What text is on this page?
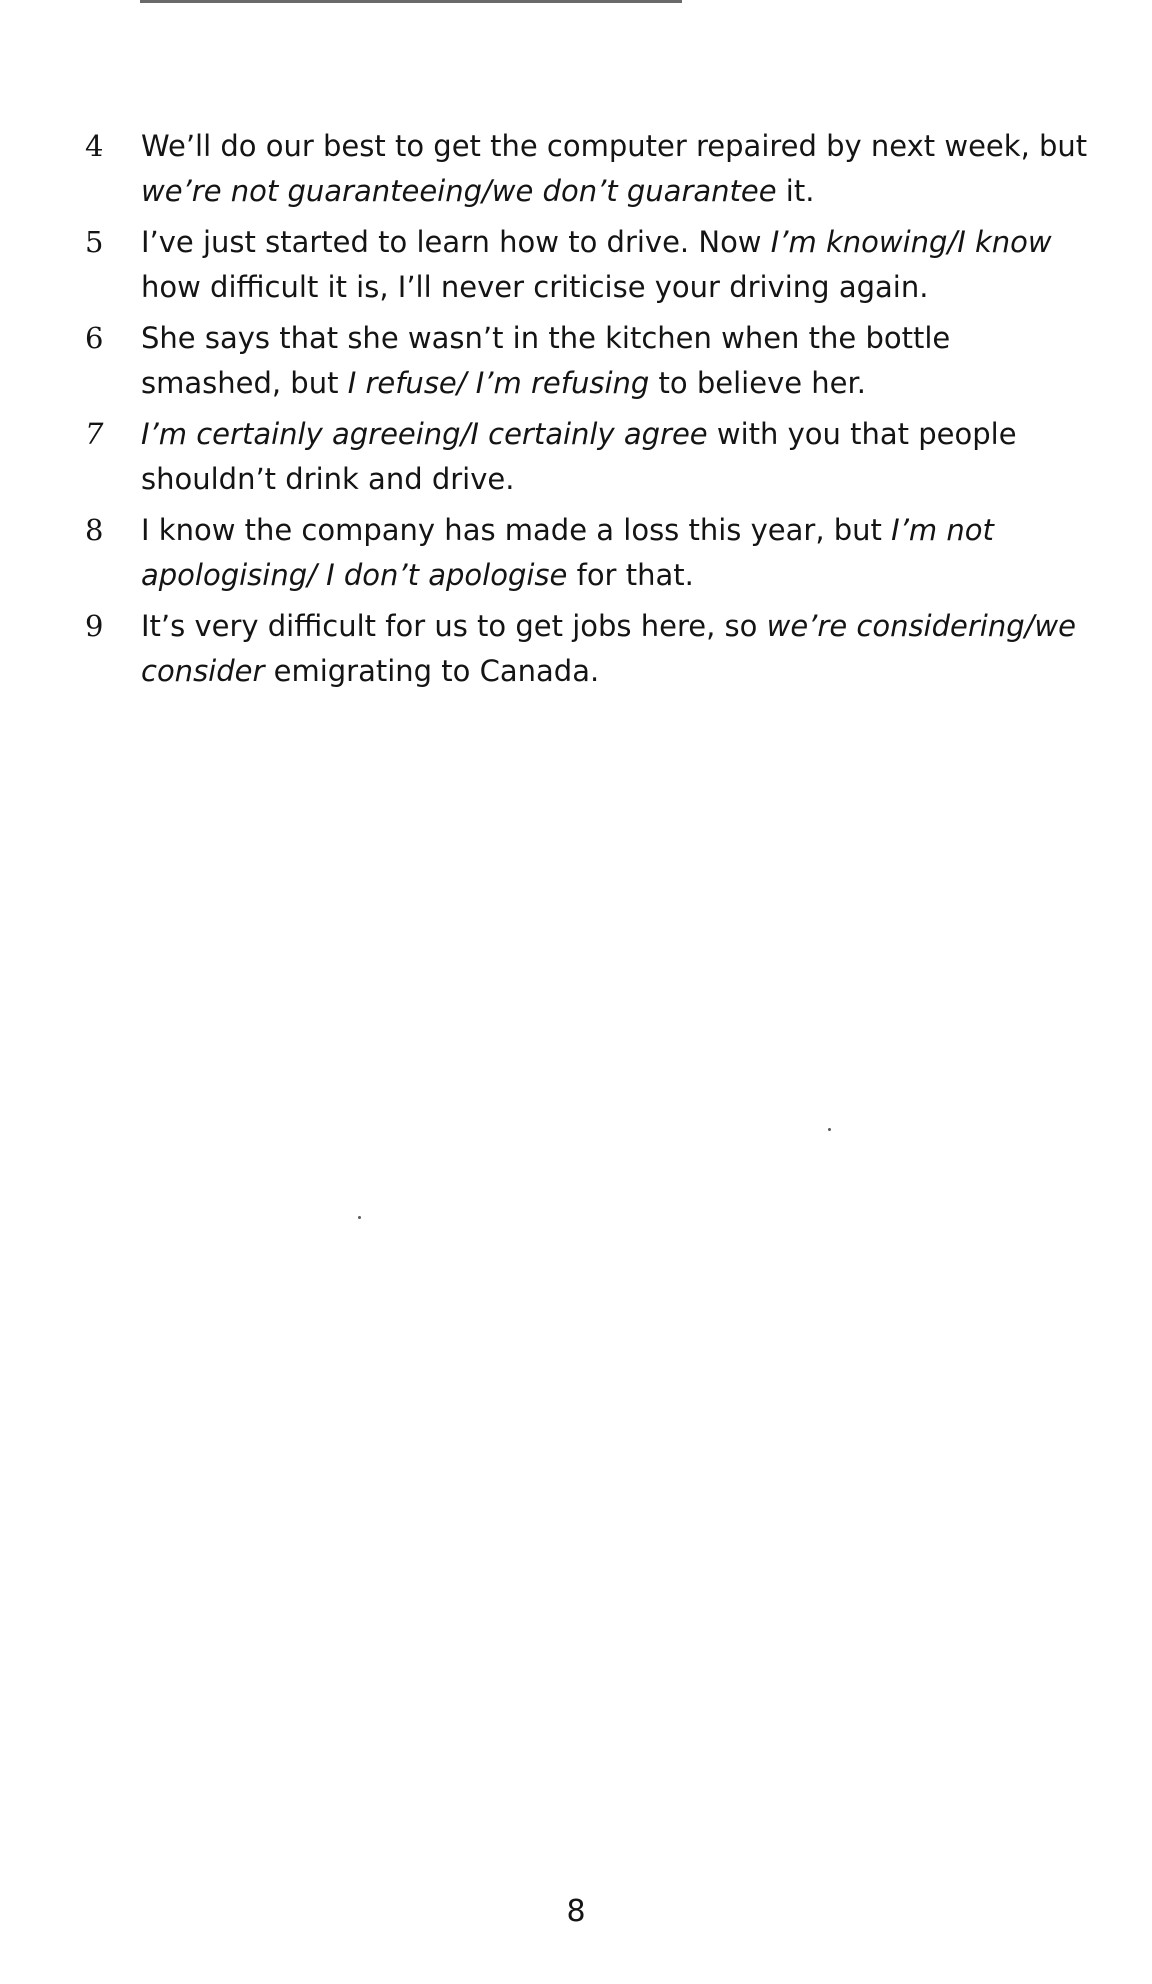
4	We’ll do our best to get the computer repaired by next week, but we’re not guaranteeing/we don’t guarantee it.
5	I’ve just started to learn how to drive. Now I’m knowing/I know how difficult it is, I’ll never criticise your driving again.
6	She says that she wasn’t in the kitchen when the bottle smashed, but I refuse/ I’m refusing to believe her.
7	I’m certainly agreeing/I certainly agree with you that people shouldn’t drink and drive.
8	I know the company has made a loss this year, but I’m not apologising/ I don’t apologise for that.
9	It’s very difficult for us to get jobs here, so we’re considering/we consider emigrating to Canada.
8
